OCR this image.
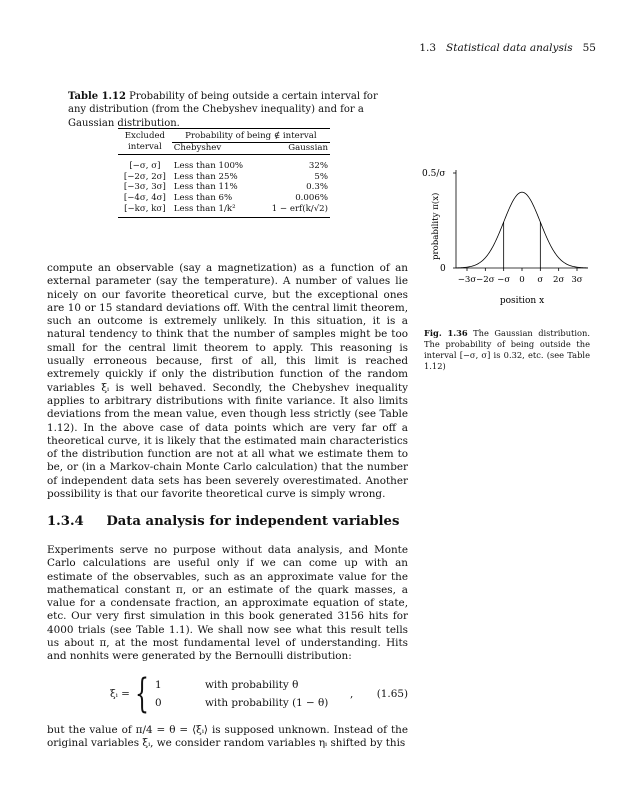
1.3 Statistical data analysis 55
Table 1.12 Probability of being outside a certain interval for any distribution (from the Chebyshev inequality) and for a Gaussian distribution.
Excluded	Probability of being ∉ interval	
interval	Chebyshev	Gaussian

[−σ, σ]	Less than 100%	32%
[−2σ, 2σ]	Less than 25%	5%
[−3σ, 3σ]	Less than 11%	0.3%
[−4σ, 4σ]	Less than 6%	0.006%
[−kσ, kσ]	Less than 1/k²	1 − erf(k/√2)
0.5/σ
0
probability π(x)
−3σ −2σ −σ 0 σ 2σ 3σ
position x
Fig. 1.36 The Gaussian distribution. The probability of being outside the interval [−σ, σ] is 0.32, etc. (see Table 1.12)

compute an observable (say a magnetization) as a function of an external parameter (say the temperature). A number of values lie nicely on our favorite theoretical curve, but the exceptional ones are 10 or 15 standard deviations off. With the central limit theorem, such an outcome is extremely unlikely. In this situation, it is a natural tendency to think that the number of samples might be too small for the central limit theorem to apply. This reasoning is usually erroneous because, first of all, this limit is reached extremely quickly if only the distribution function of the random variables ξᵢ is well behaved. Secondly, the Chebyshev inequality applies to arbitrary distributions with finite variance. It also limits deviations from the mean value, even though less strictly (see Table 1.12). In the above case of data points which are very far off a theoretical curve, it is likely that the estimated main characteristics of the distribution function are not at all what we estimate them to be, or (in a Markov-chain Monte Carlo calculation) that the number of independent data sets has been severely overestimated. Another possibility is that our favorite theoretical curve is simply wrong.

1.3.4 Data analysis for independent variables

Experiments serve no purpose without data analysis, and Monte Carlo calculations are useful only if we can come up with an estimate of the observables, such as an approximate value for the mathematical constant π, or an estimate of the quark masses, a value for a condensate fraction, an approximate equation of state, etc. Our very first simulation in this book generated 3156 hits for 4000 trials (see Table 1.1). We shall now see what this result tells us about π, at the most fundamental level of understanding. Hits and nonhits were generated by the Bernoulli distribution:

ξᵢ = { 1
0
with probability θ
with probability (1 − θ)
, (1.65)
but the value of π/4 = θ = ⟨ξᵢ⟩ is supposed unknown. Instead of the original variables ξᵢ, we consider random variables ηᵢ shifted by this
